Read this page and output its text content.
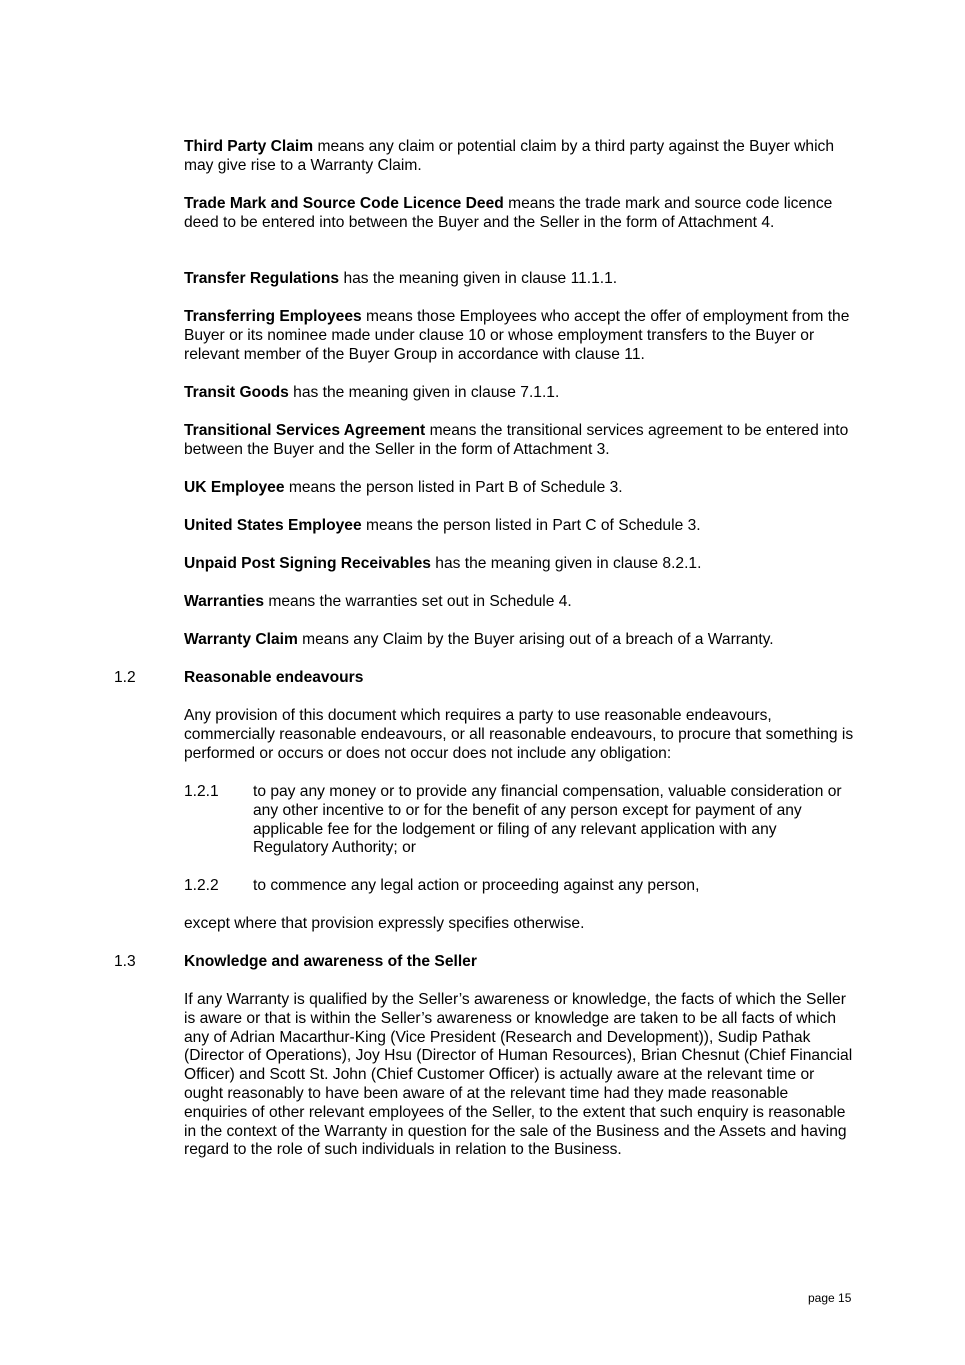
Third Party Claim means any claim or potential claim by a third party against the Buyer which may give rise to a Warranty Claim.

Trade Mark and Source Code Licence Deed means the trade mark and source code licence deed to be entered into between the Buyer and the Seller in the form of Attachment 4.

Transfer Regulations has the meaning given in clause 11.1.1.

Transferring Employees means those Employees who accept the offer of employment from the Buyer or its nominee made under clause 10 or whose employment transfers to the Buyer or relevant member of the Buyer Group in accordance with clause 11.

Transit Goods has the meaning given in clause 7.1.1.

Transitional Services Agreement means the transitional services agreement to be entered into between the Buyer and the Seller in the form of Attachment 3.

UK Employee means the person listed in Part B of Schedule 3.

United States Employee means the person listed in Part C of Schedule 3.

Unpaid Post Signing Receivables has the meaning given in clause 8.2.1.

Warranties means the warranties set out in Schedule 4.

Warranty Claim means any Claim by the Buyer arising out of a breach of a Warranty.

1.2	Reasonable endeavours

Any provision of this document which requires a party to use reasonable endeavours, commercially reasonable endeavours, or all reasonable endeavours, to procure that something is performed or occurs or does not occur does not include any obligation:

1.2.1 to pay any money or to provide any financial compensation, valuable consideration or any other incentive to or for the benefit of any person except for payment of any applicable fee for the lodgement or filing of any relevant application with any Regulatory Authority; or

1.2.2 to commence any legal action or proceeding against any person,

except where that provision expressly specifies otherwise.

1.3	Knowledge and awareness of the Seller

If any Warranty is qualified by the Seller’s awareness or knowledge, the facts of which the Seller is aware or that is within the Seller’s awareness or knowledge are taken to be all facts of which any of Adrian Macarthur-King (Vice President (Research and Development)), Sudip Pathak (Director of Operations), Joy Hsu (Director of Human Resources), Brian Chesnut (Chief Financial Officer) and Scott St. John (Chief Customer Officer) is actually aware at the relevant time or ought reasonably to have been aware of at the relevant time had they made reasonable enquiries of other relevant employees of the Seller, to the extent that such enquiry is reasonable in the context of the Warranty in question for the sale of the Business and the Assets and having regard to the role of such individuals in relation to the Business.

page 15
